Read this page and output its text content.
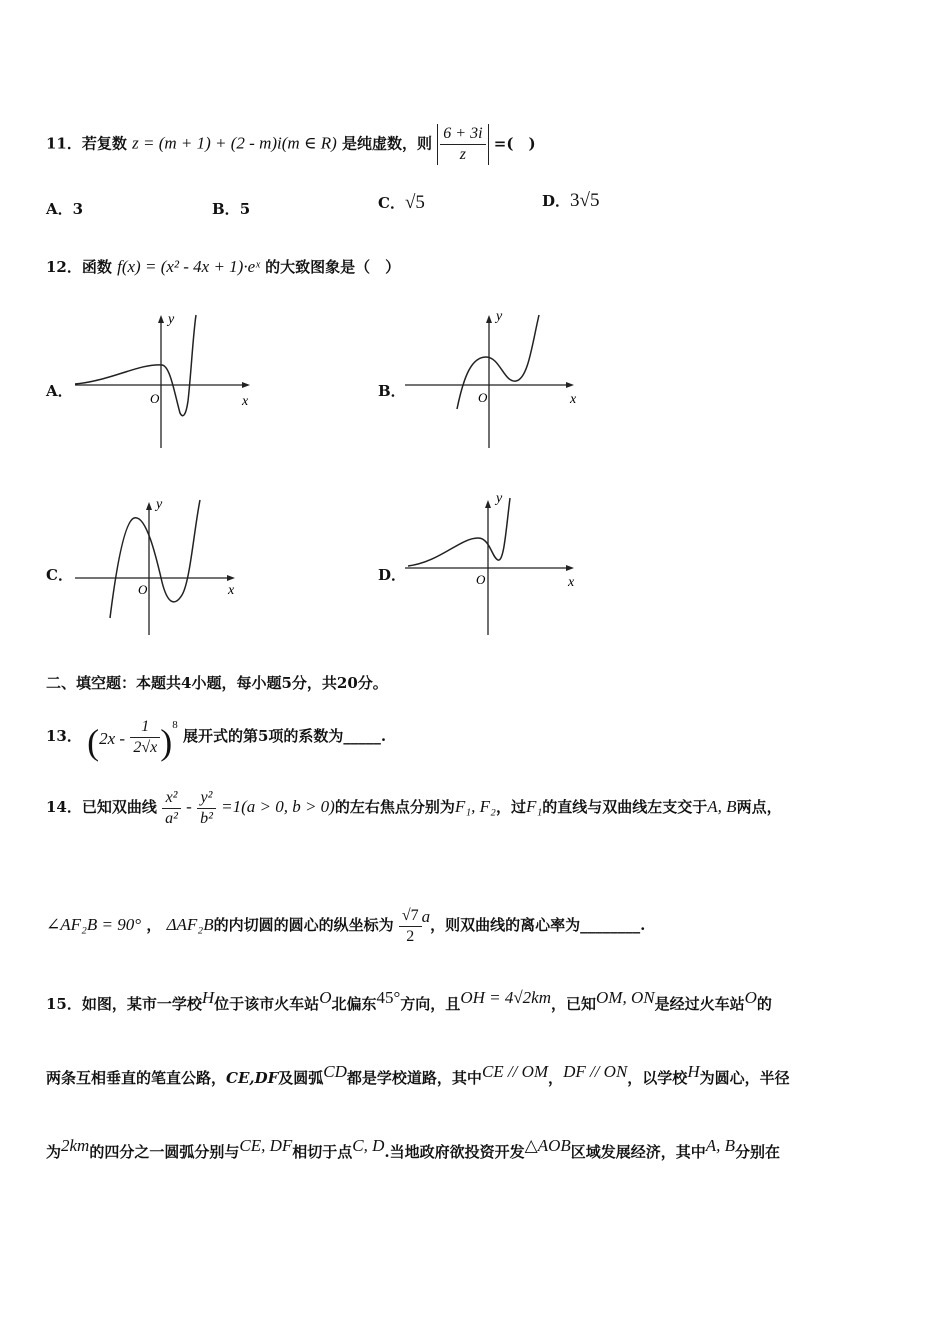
11．若复数 z = (m + 1) + (2 - m)i(m ∈ R) 是纯虚数，则 $\frac{6 + 3i}{z}$ =(　)
A．3	B．5	C．√5	D．3√5
12．函数 f(x) = (x² - 4x + 1)·eˣ 的大致图象是（　）
A．	B．
C．	D．
y
x
O
y
x
O
y
x
O
y
x
O
二、填空题：本题共4小题，每小题5分，共20分。
13． $(2x - \frac{1}{2√x} )^8$ 展开式的第5项的系数为_____.
14．已知双曲线 $\frac{\text{x²}}{\text{a²}} - \frac{\text{y²}}{\text{b²}} =1(a > 0$, b > 0)的左右焦点分别为F₁, F₂，过F₁的直线与双曲线左支交于A, B两点，
∠AF₂B = 90° ， ΔAF₂B的内切圆的圆心的纵坐标为 $\frac{√7}{2}$ a，则双曲线的离心率为________.
15．如图，某市一学校H位于该市火车站O北偏东45°方向，且OH = 4√2km，已知OM, ON是经过火车站O的
两条互相垂直的笔直公路，CE,DF及圆弧CD都是学校道路，其中CE // OM，DF // ON，以学校H为圆心，半径
为2km的四分之一圆弧分别与CE, DF相切于点C, D.当地政府欲投资开发△AOB区域发展经济，其中A, B分别在
